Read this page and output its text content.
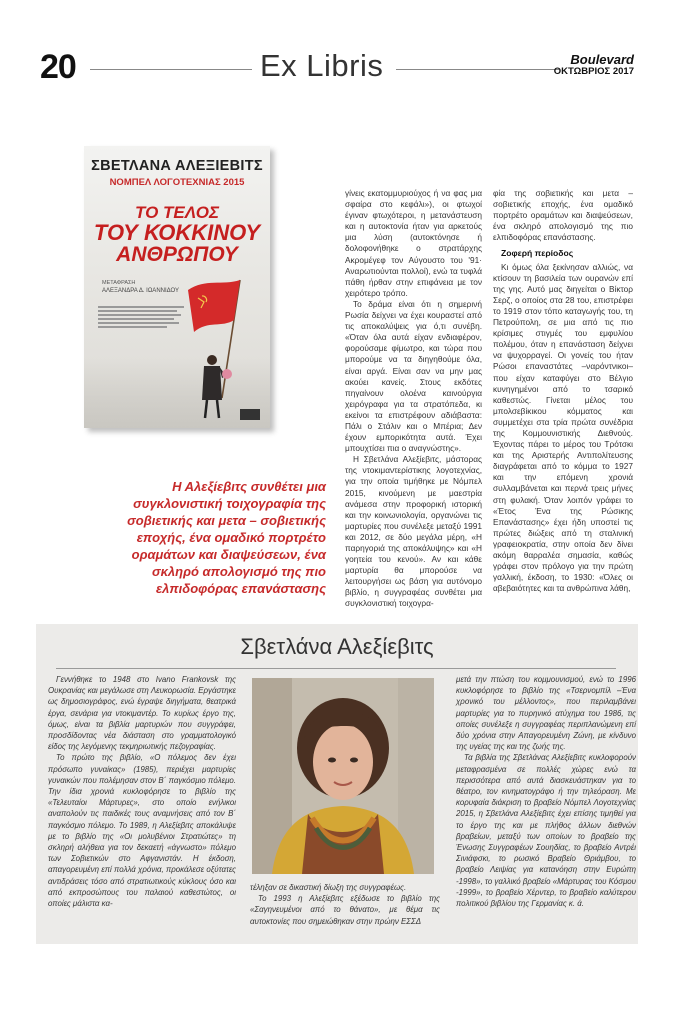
20	Ex Libris	Boulevard
ΟΚΤΩΒΡΙΟΣ 2017
ΣΒΕΤΛΑΝΑ ΑΛΕΞΙΕΒΙΤΣ
ΝΟΜΠΕΛ ΛΟΓΟΤΕΧΝΙΑΣ 2015
ΤΟ ΤΕΛΟΣ
ΤΟΥ ΚΟΚΚΙΝΟΥ
ΑΝΘΡΩΠΟΥ
ΜΕΤΑΦΡΑΣΗ
ΑΛΕΞΑΝΔΡΑ Δ. ΙΩΑΝΝΙΔΟΥ
Η Αλεξίεβιτς συνθέτει μια συγκλονιστική τοιχογραφία της σοβιετικής και μετα – σοβιετικής εποχής, ένα ομαδικό πορτρέτο οραμάτων και διαψεύσεων, ένα σκληρό απολογισμό της πιο ελπιδοφόρας επανάστασης

γίνεις εκατομμυριούχος ή να φας μια σφαίρα στο κεφάλι»), οι φτωχοί έγιναν φτωχότεροι, η μετανάστευση και η αυτοκτονία ήταν για αρκετούς μια λύση (αυτοκτόνησε ή δολοφονήθηκε ο στρατάρχης Ακρομέγεφ τον Αύγουστο του '91· Αναρωτιούνται πολλοί), ενώ τα τυφλά πάθη ήρθαν στην επιφάνεια με τον χειρότερο τρόπο.

Το δράμα είναι ότι η σημερινή Ρωσία δείχνει να έχει κουραστεί από τις αποκαλύψεις για ό,τι συνέβη. «Όταν όλα αυτά είχαν ενδιαφέρον, φορούσαμε φίμωτρο, και τώρα που μπορούμε να τα διηγηθούμε όλα, είναι αργά. Είναι σαν να μην μας ακούει κανείς. Στους εκδότες πηγαίνουν ολοένα καινούργια χειρόγραφα για τα στρατόπεδα, κι εκείνοι τα επιστρέφουν αδιάβαστα: Πάλι ο Στάλιν και ο Μπέρια; Δεν έχουν εμπορικότητα αυτά. Έχει μπουχτίσει πια ο αναγνώστης».

Η Σβετλάνα Αλεξίεβιτς, μάστορας της ντοκιμαντερίστικης λογοτεχνίας, για την οποία τιμήθηκε με Νόμπελ 2015, κινούμενη με μαεστρία ανάμεσα στην προφορική ιστορική και την κοινωνιολογία, οργανώνει τις μαρτυρίες που συνέλεξε μεταξύ 1991 και 2012, σε δύο μεγάλα μέρη, «Η παρηγοριά της αποκάλυψης» και «Η γοητεία του κενού». Αν και κάθε μαρτυρία θα μπορούσε να λειτουργήσει ως βάση για αυτόνομο βιβλίο, η συγγραφέας συνθέτει μια συγκλονιστική τοιχογρα-

φία της σοβιετικής και μετα – σοβιετικής εποχής, ένα ομαδικό πορτρέτο οραμάτων και διαψεύσεων, ένα σκληρό απολογισμό της πιο ελπιδοφόρας επανάστασης.

Ζοφερή περίοδος

Κι όμως όλα ξεκίνησαν αλλιώς, να κτίσουν τη βασιλεία των ουρανών επί της γης. Αυτό μας διηγείται ο Βίκτορ Σερζ, ο οποίος στα 28 του, επιστρέφει το 1919 στον τόπο καταγωγής του, τη Πετρούπολη, σε μια από τις πιο κρίσιμες στιγμές του εμφυλίου πολέμου, όταν η επανάσταση δείχνει να ψυχορραγεί. Οι γονείς του ήταν Ρώσοι επαναστάτες –ναρόντνικοι– που είχαν καταφύγει στο Βέλγιο κυνηγημένοι από το τσαρικό καθεστώς. Γίνεται μέλος του μπολσεβίκικου κόμματος και συμμετέχει στα τρία πρώτα συνέδρια της Κομμουνιστικής Διεθνούς. Έχοντας πάρει το μέρος του Τρότσκι και της Αριστερής Αντιπολίτευσης διαγράφεται από το κόμμα το 1927 και την επόμενη χρονιά συλλαμβάνεται και περνά τρεις μήνες στη φυλακή. Όταν λοιπόν γράφει το «Έτος Ένα της Ρώσικης Επανάστασης» έχει ήδη υποστεί τις πρώτες διώξεις από τη σταλινική γραφειοκρατία, στην οποία δεν δίνει ακόμη θαρραλέα σημασία, καθώς γράφει στον πρόλογο για την πρώτη γαλλική, έκδοση, το 1930: «Όλες οι αβεβαιότητες και τα ανθρώπινα λάθη,

Σβετλάνα Αλεξίεβιτς

Γεννήθηκε το 1948 στο Ivano Frankovsk της Ουκρανίας και μεγάλωσε στη Λευκορωσία. Εργάστηκε ως δημοσιογράφος, ενώ έγραψε διηγήματα, θεατρικά έργα, σενάρια για ντοκιμαντέρ. Το κυρίως έργο της, όμως, είναι τα βιβλία μαρτυριών που συγγράφει, προσδίδοντας νέα διάσταση στο γραμματολογικό είδος της λεγόμενης τεκμηριωτικής πεζογραφίας.

Το πρώτο της βιβλίο, «Ο πόλεμος δεν έχει πρόσωπο γυναίκας» (1985), περιέχει μαρτυρίες γυναικών που πολέμησαν στον Β΄ παγκόσμιο πόλεμο. Την ίδια χρονιά κυκλοφόρησε το βιβλίο της «Τελευταίοι Μάρτυρες», στο οποίο ενήλικοι αναπολούν τις παιδικές τους αναμνήσεις από τον Β΄ παγκόσμιο πόλεμο. Το 1989, η Αλεξίεβιτς αποκάλυψε με το βιβλίο της «Οι μολυβένιοι Στρατιώτες» τη σκληρή αλήθεια για τον δεκαετή «άγνωστο» πόλεμο των Σοβιετικών στο Αφγανιστάν. Η έκδοση, απαγορευμένη επί πολλά χρόνια, προκάλεσε οξύτατες αντιδράσεις τόσο από στρατιωτικούς κύκλους όσο και από εκπροσώπους του παλαιού καθεστώτος, οι οποίες μάλιστα κα-

τέληξαν σε δικαστική δίωξη της συγγραφέως.

Το 1993 η Αλεξίεβιτς εξέδωσε το βιβλίο της «Σαγηνευμένοι από το θάνατο», με θέμα τις αυτοκτονίες που σημειώθηκαν στην πρώην ΕΣΣΔ

μετά την πτώση του κομμουνισμού, ενώ το 1996 κυκλοφόρησε το βιβλίο της «Τσερνομπίλ –Ένα χρονικό του μέλλοντος», που περιλαμβάνει μαρτυρίες για το πυρηνικό ατύχημα του 1986, τις οποίες συνέλεξε η συγγραφέας περιπλανώμενη επί δύο χρόνια στην Απαγορευμένη Ζώνη, με κίνδυνο της υγείας της και της ζωής της.

Τα βιβλία της Σβετλάνας Αλεξίεβιτς κυκλοφορούν μεταφρασμένα σε πολλές χώρες ενώ τα περισσότερα από αυτά διασκευάστηκαν για το θέατρο, τον κινηματογράφο ή την τηλεόραση. Με κορυφαία διάκριση το βραβείο Νόμπελ Λογοτεχνίας 2015, η Σβετλάνα Αλεξίεβιτς έχει επίσης τιμηθεί για το έργο της και με πλήθος άλλων διεθνών βραβείων, μεταξύ των οποίων το βραβείο της Ένωσης Συγγραφέων Σουηδίας, το βραβείο Αντρέι Σινιάφσκι, το ρωσικό Βραβείο Θριάμβου, το βραβείο Λειψίας για κατανόηση στην Ευρώπη -1998», το γαλλικό βραβείο «Μάρτυρας του Κόσμου -1999», το βραβείο Χέρντερ, το βραβείο καλύτερου πολιτικού βιβλίου της Γερμανίας κ. ά.
